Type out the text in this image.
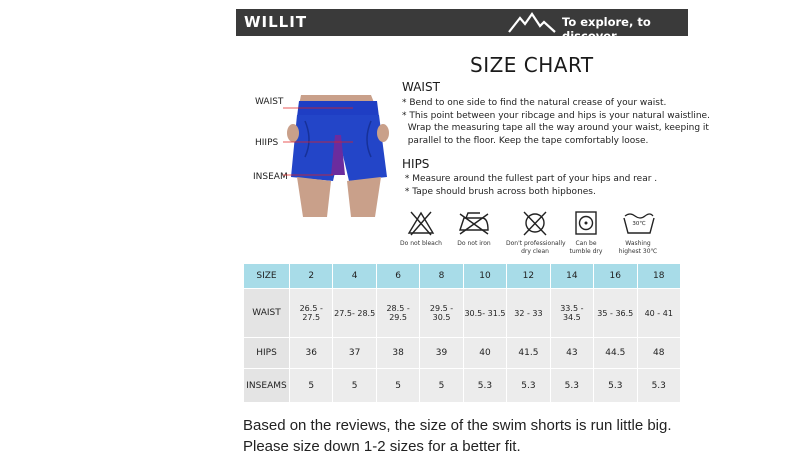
WILLIT	To explore, to discover
SIZE CHART
WAIST
HIIPS
INSEAM
WAIST
* Bend to one side to find the natural crease of your waist.
* This point between your ribcage and hips is your natural waistline.
Wrap the measuring tape all the way around your waist, keeping it
parallel to the floor. Keep the tape comfortably loose.
HIPS
* Measure around the fullest part of your hips and rear .
* Tape should brush across both hipbones.
Do not bleach	Do not iron	Don't professionally
dry clean
Can be
tumble dry
30℃
Washing
highest 30℃
SIZE	2	4	6	8	10	12	14	16	18
WAIST	26.5 - 27.5	27.5- 28.5	28.5 - 29.5	29.5 - 30.5	30.5- 31.5	32 - 33	33.5 - 34.5	35 - 36.5	40 - 41
HIPS	36	37	38	39	40	41.5	43	44.5	48
INSEAMS	5	5	5	5	5.3	5.3	5.3	5.3	5.3
Based on the reviews, the size of the swim shorts is run little big.
Please size down 1-2 sizes for a better fit.
